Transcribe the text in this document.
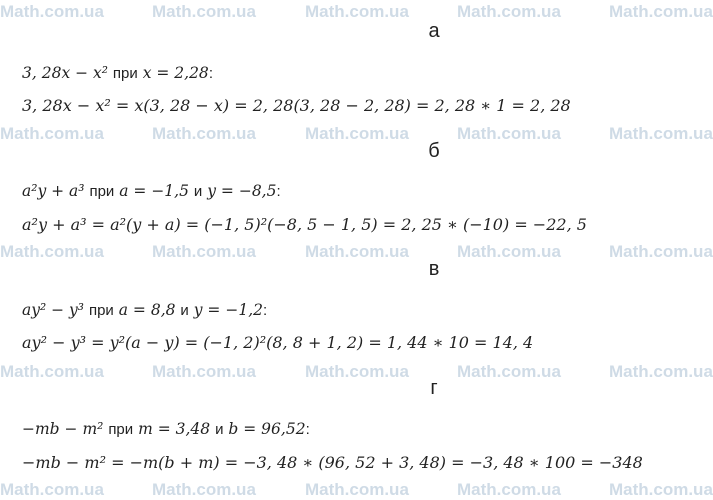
Math.com.ua	Math.com.ua	Math.com.ua	Math.com.ua	Math.com.ua
Math.com.ua	Math.com.ua	Math.com.ua	Math.com.ua	Math.com.ua
Math.com.ua	Math.com.ua	Math.com.ua	Math.com.ua	Math.com.ua
Math.com.ua	Math.com.ua	Math.com.ua	Math.com.ua	Math.com.ua
Math.com.ua	Math.com.ua	Math.com.ua	Math.com.ua	Math.com.ua
а
3, 28x − x² при x = 2,28:
3, 28x − x² = x(3, 28 − x) = 2, 28(3, 28 − 2, 28) = 2, 28 ∗ 1 = 2, 28
б
a²y + a³ при a = −1,5 и y = −8,5:
a²y + a³ = a²(y + a) = (−1, 5)²(−8, 5 − 1, 5) = 2, 25 ∗ (−10) = −22, 5
в
ay² − y³ при a = 8,8 и y = −1,2:
ay² − y³ = y²(a − y) = (−1, 2)²(8, 8 + 1, 2) = 1, 44 ∗ 10 = 14, 4
г
−mb − m² при m = 3,48 и b = 96,52:
−mb − m² = −m(b + m) = −3, 48 ∗ (96, 52 + 3, 48) = −3, 48 ∗ 100 = −348
